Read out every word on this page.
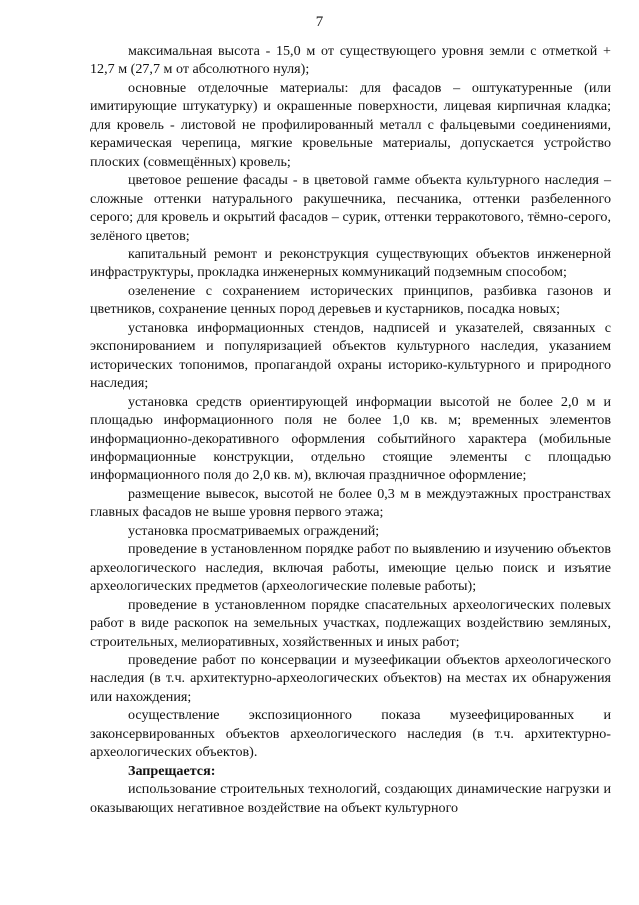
7

максимальная высота - 15,0 м от существующего уровня земли с отметкой + 12,7 м (27,7 м от абсолютного нуля);

основные отделочные материалы: для фасадов – оштукатуренные (или имитирующие штукатурку) и окрашенные поверхности, лицевая кирпичная кладка; для кровель - листовой не профилированный металл с фальцевыми соединениями, керамическая черепица, мягкие кровельные материалы, допускается устройство плоских (совмещённых) кровель;

цветовое решение фасады - в цветовой гамме объекта культурного наследия – сложные оттенки натурального ракушечника, песчаника, оттенки разбеленного серого; для кровель и окрытий фасадов – сурик, оттенки терракотового, тёмно-серого, зелёного цветов;

капитальный ремонт и реконструкция существующих объектов инженерной инфраструктуры, прокладка инженерных коммуникаций подземным способом;

озеленение с сохранением исторических принципов, разбивка газонов и цветников, сохранение ценных пород деревьев и кустарников, посадка новых;

установка информационных стендов, надписей и указателей, связанных с экспонированием и популяризацией объектов культурного наследия, указанием исторических топонимов, пропагандой охраны историко-культурного и природного наследия;

установка средств ориентирующей информации высотой не более 2,0 м и площадью информационного поля не более 1,0 кв. м; временных элементов информационно-декоративного оформления событийного характера (мобильные информационные конструкции, отдельно стоящие элементы с площадью информационного поля до 2,0 кв. м), включая праздничное оформление;

размещение вывесок, высотой не более 0,3 м в междуэтажных пространствах главных фасадов не выше уровня первого этажа;

установка просматриваемых ограждений;

проведение в установленном порядке работ по выявлению и изучению объектов археологического наследия, включая работы, имеющие целью поиск и изъятие археологических предметов (археологические полевые работы);

проведение в установленном порядке спасательных археологических полевых работ в виде раскопок на земельных участках, подлежащих воздействию земляных, строительных, мелиоративных, хозяйственных и иных работ;

проведение работ по консервации и музеефикации объектов археологического наследия (в т.ч. архитектурно-археологических объектов) на местах их обнаружения или нахождения;

осуществление экспозиционного показа музеефицированных и законсервированных объектов археологического наследия (в т.ч. архитектурно-археологических объектов).

Запрещается:

использование строительных технологий, создающих динамические нагрузки и оказывающих негативное воздействие на объект культурного
